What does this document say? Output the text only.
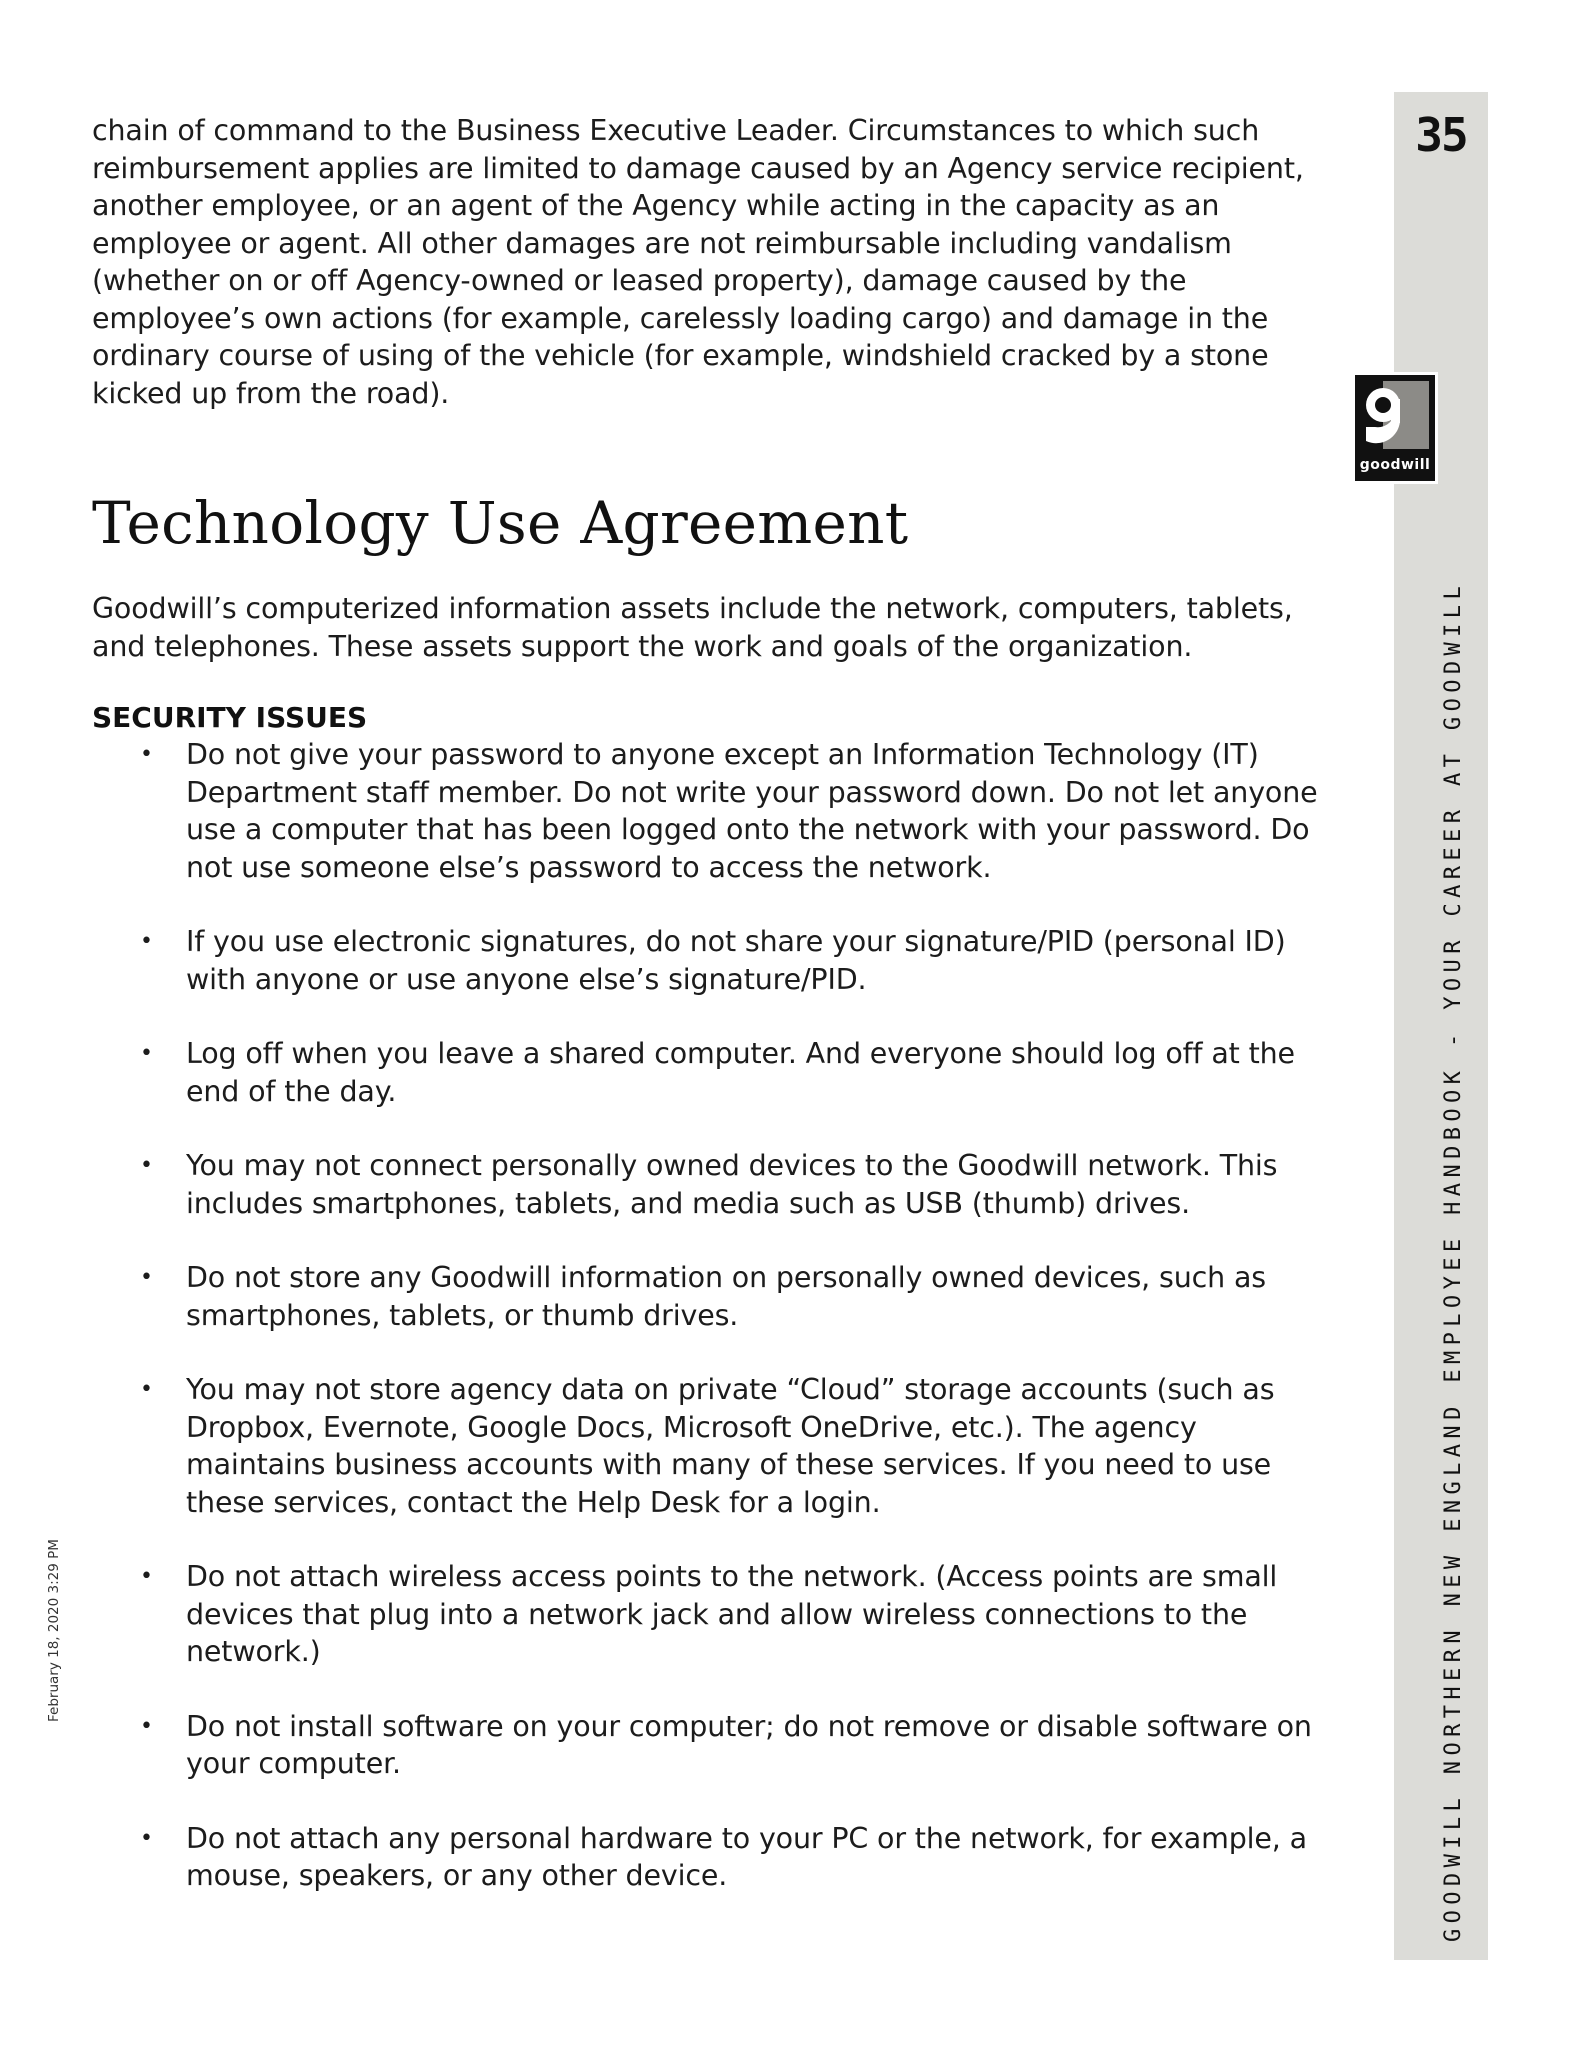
chain of command to the Business Executive Leader. Circumstances to which such reimbursement applies are limited to damage caused by an Agency service recipient, another employee, or an agent of the Agency while acting in the capacity as an employee or agent. All other damages are not reimbursable including vandalism (whether on or off Agency-owned or leased property), damage caused by the employee’s own actions (for example, carelessly loading cargo) and damage in the ordinary course of using of the vehicle (for example, windshield cracked by a stone kicked up from the road).

Technology Use Agreement

Goodwill’s computerized information assets include the network, computers, tablets, and telephones. These assets support the work and goals of the organization.

SECURITY ISSUES
• Do not give your password to anyone except an Information Technology (IT) Department staff member. Do not write your password down. Do not let anyone use a computer that has been logged onto the network with your password. Do not use someone else’s password to access the network.
• If you use electronic signatures, do not share your signature/PID (personal ID) with anyone or use anyone else’s signature/PID.
• Log off when you leave a shared computer. And everyone should log off at the end of the day.
• You may not connect personally owned devices to the Goodwill network. This includes smartphones, tablets, and media such as USB (thumb) drives.
• Do not store any Goodwill information on personally owned devices, such as smartphones, tablets, or thumb drives.
• You may not store agency data on private “Cloud” storage accounts (such as Dropbox, Evernote, Google Docs, Microsoft OneDrive, etc.). The agency maintains business accounts with many of these services. If you need to use these services, contact the Help Desk for a login.
• Do not attach wireless access points to the network. (Access points are small devices that plug into a network jack and allow wireless connections to the network.)
• Do not install software on your computer; do not remove or disable software on your computer.
• Do not attach any personal hardware to your PC or the network, for example, a mouse, speakers, or any other device.
35
goodwill
GOODWILL NORTHERN NEW ENGLAND EMPLOYEE HANDBOOK - YOUR CAREER AT GOODWILL
February 18, 2020 3:29 PM
